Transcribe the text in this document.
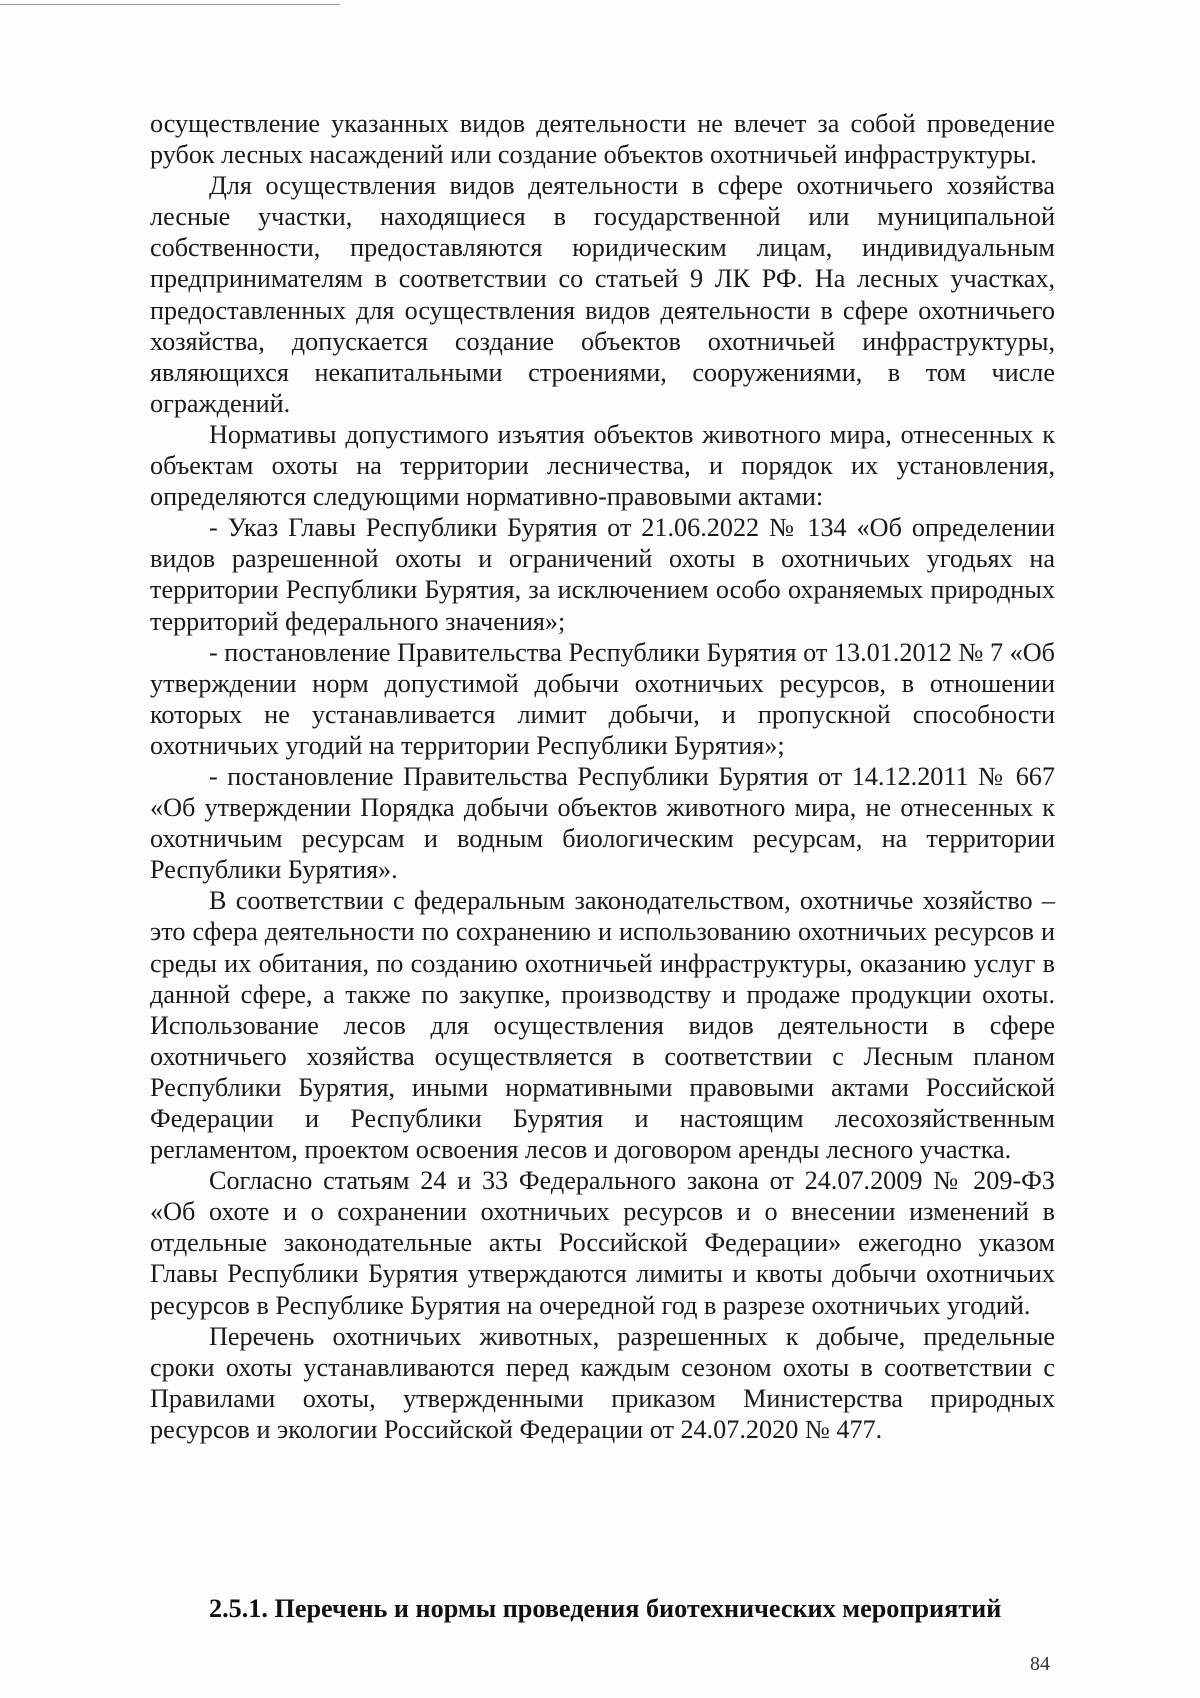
осуществление указанных видов деятельности не влечет за собой проведение рубок лесных насаждений или создание объектов охотничьей инфраструктуры.

Для осуществления видов деятельности в сфере охотничьего хозяйства лесные участки, находящиеся в государственной или муниципальной собственности, предоставляются юридическим лицам, индивидуальным предпринимателям в соответствии со статьей 9 ЛК РФ. На лесных участках, предоставленных для осуществления видов деятельности в сфере охотничьего хозяйства, допускается создание объектов охотничьей инфраструктуры, являющихся некапитальными строениями, сооружениями, в том числе ограждений.

Нормативы допустимого изъятия объектов животного мира, отнесенных к объектам охоты на территории лесничества, и порядок их установления, определяются следующими нормативно-правовыми актами:

- Указ Главы Республики Бурятия от 21.06.2022 № 134 «Об определении видов разрешенной охоты и ограничений охоты в охотничьих угодьях на территории Республики Бурятия, за исключением особо охраняемых природных территорий федерального значения»;

- постановление Правительства Республики Бурятия от 13.01.2012 № 7 «Об утверждении норм допустимой добычи охотничьих ресурсов, в отношении которых не устанавливается лимит добычи, и пропускной способности охотничьих угодий на территории Республики Бурятия»;

- постановление Правительства Республики Бурятия от 14.12.2011 № 667 «Об утверждении Порядка добычи объектов животного мира, не отнесенных к охотничьим ресурсам и водным биологическим ресурсам, на территории Республики Бурятия».

В соответствии с федеральным законодательством, охотничье хозяйство – это сфера деятельности по сохранению и использованию охотничьих ресурсов и среды их обитания, по созданию охотничьей инфраструктуры, оказанию услуг в данной сфере, а также по закупке, производству и продаже продукции охоты. Использование лесов для осуществления видов деятельности в сфере охотничьего хозяйства осуществляется в соответствии с Лесным планом Республики Бурятия, иными нормативными правовыми актами Российской Федерации и Республики Бурятия и настоящим лесохозяйственным регламентом, проектом освоения лесов и договором аренды лесного участка.

Согласно статьям 24 и 33 Федерального закона от 24.07.2009 № 209-ФЗ «Об охоте и о сохранении охотничьих ресурсов и о внесении изменений в отдельные законодательные акты Российской Федерации» ежегодно указом Главы Республики Бурятия утверждаются лимиты и квоты добычи охотничьих ресурсов в Республике Бурятия на очередной год в разрезе охотничьих угодий.

Перечень охотничьих животных, разрешенных к добыче, предельные сроки охоты устанавливаются перед каждым сезоном охоты в соответствии с Правилами охоты, утвержденными приказом Министерства природных ресурсов и экологии Российской Федерации от 24.07.2020 № 477.

2.5.1. Перечень и нормы проведения биотехнических мероприятий
84
